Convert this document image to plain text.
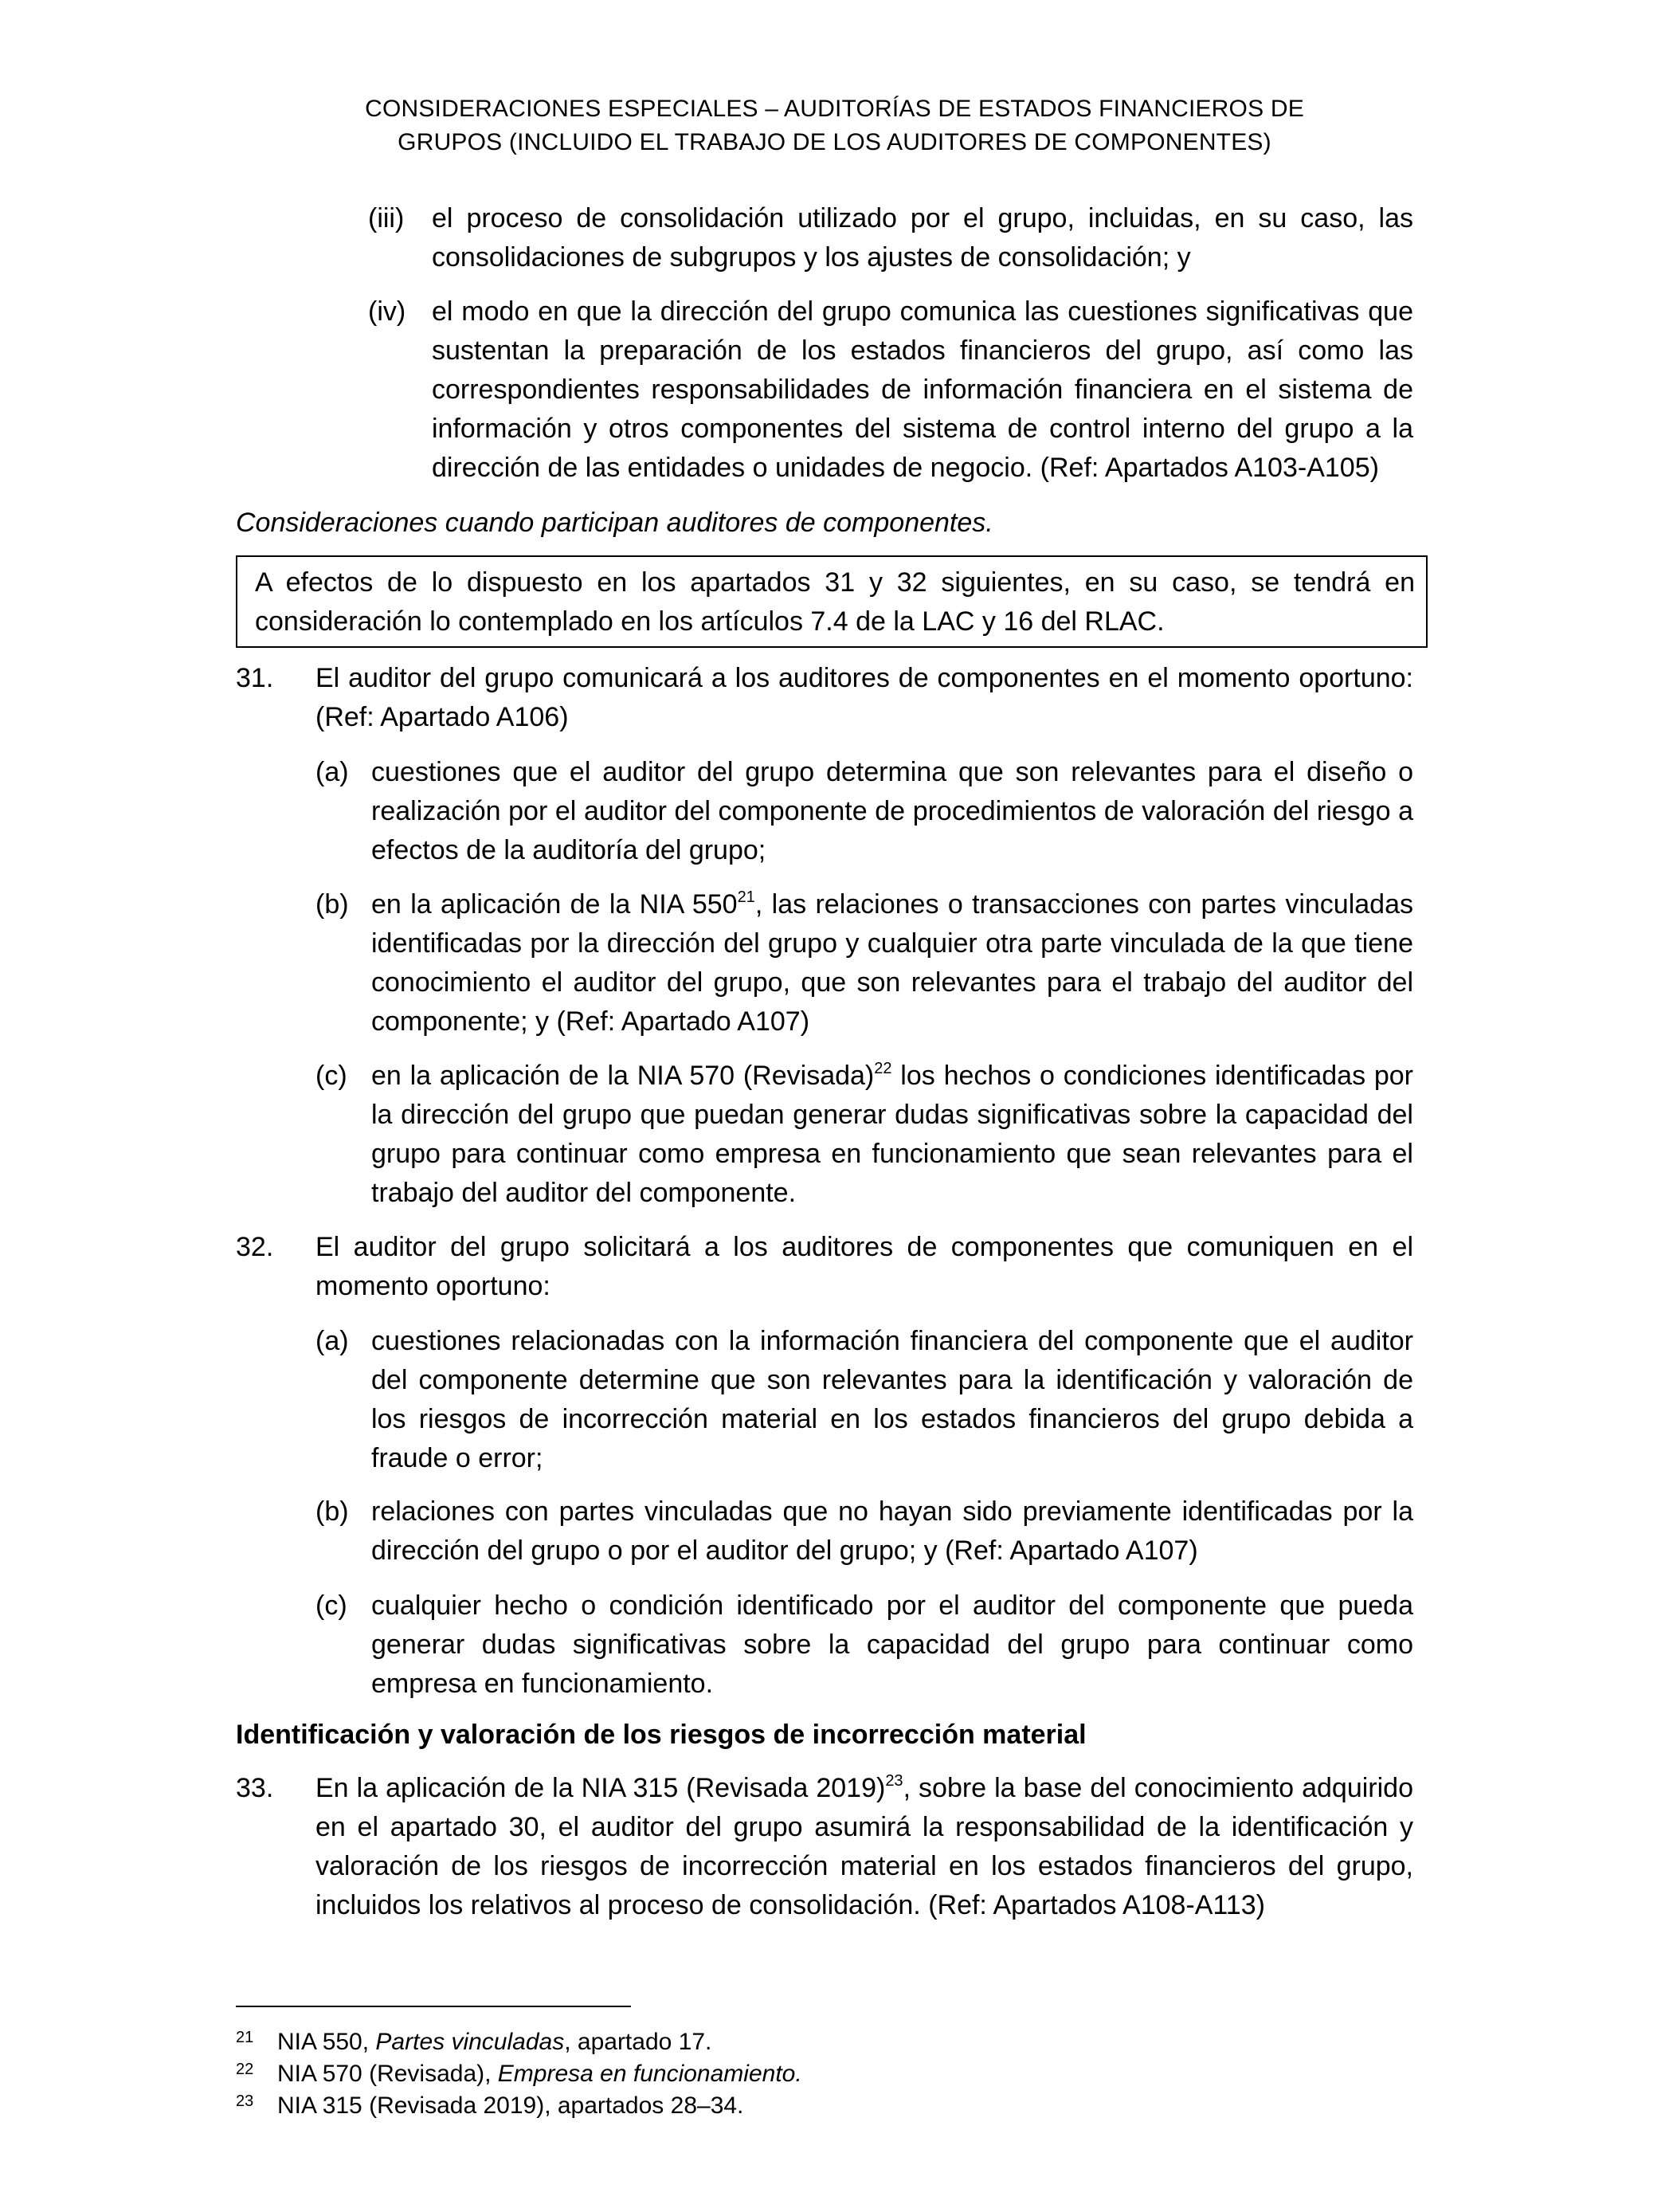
CONSIDERACIONES ESPECIALES – AUDITORÍAS DE ESTADOS FINANCIEROS DE
GRUPOS (INCLUIDO EL TRABAJO DE LOS AUDITORES DE COMPONENTES)
(iii) el proceso de consolidación utilizado por el grupo, incluidas, en su caso, las consolidaciones de subgrupos y los ajustes de consolidación; y
(iv) el modo en que la dirección del grupo comunica las cuestiones significativas que sustentan la preparación de los estados financieros del grupo, así como las correspondientes responsabilidades de información financiera en el sistema de información y otros componentes del sistema de control interno del grupo a la dirección de las entidades o unidades de negocio. (Ref: Apartados A103-A105)
Consideraciones cuando participan auditores de componentes.
A efectos de lo dispuesto en los apartados 31 y 32 siguientes, en su caso, se tendrá en consideración lo contemplado en los artículos 7.4 de la LAC y 16 del RLAC.
31. El auditor del grupo comunicará a los auditores de componentes en el momento oportuno: (Ref: Apartado A106)
(a) cuestiones que el auditor del grupo determina que son relevantes para el diseño o realización por el auditor del componente de procedimientos de valoración del riesgo a efectos de la auditoría del grupo;
(b) en la aplicación de la NIA $550^{21}$, las relaciones o transacciones con partes vinculadas identificadas por la dirección del grupo y cualquier otra parte vinculada de la que tiene conocimiento el auditor del grupo, que son relevantes para el trabajo del auditor del componente; y (Ref: Apartado A107)
(c) en la aplicación de la NIA 570 (Revisada)$^{22}$ los hechos o condiciones identificadas por la dirección del grupo que puedan generar dudas significativas sobre la capacidad del grupo para continuar como empresa en funcionamiento que sean relevantes para el trabajo del auditor del componente.
32. El auditor del grupo solicitará a los auditores de componentes que comuniquen en el momento oportuno:
(a) cuestiones relacionadas con la información financiera del componente que el auditor del componente determine que son relevantes para la identificación y valoración de los riesgos de incorrección material en los estados financieros del grupo debida a fraude o error;
(b) relaciones con partes vinculadas que no hayan sido previamente identificadas por la dirección del grupo o por el auditor del grupo; y (Ref: Apartado A107)
(c) cualquier hecho o condición identificado por el auditor del componente que pueda generar dudas significativas sobre la capacidad del grupo para continuar como empresa en funcionamiento.
Identificación y valoración de los riesgos de incorrección material
33. En la aplicación de la NIA 315 (Revisada 2019)$^{23}$, sobre la base del conocimiento adquirido en el apartado 30, el auditor del grupo asumirá la responsabilidad de la identificación y valoración de los riesgos de incorrección material en los estados financieros del grupo, incluidos los relativos al proceso de consolidación. (Ref: Apartados A108-A113)
21 NIA 550, Partes vinculadas, apartado 17.
22 NIA 570 (Revisada), Empresa en funcionamiento.
23 NIA 315 (Revisada 2019), apartados 28–34.
